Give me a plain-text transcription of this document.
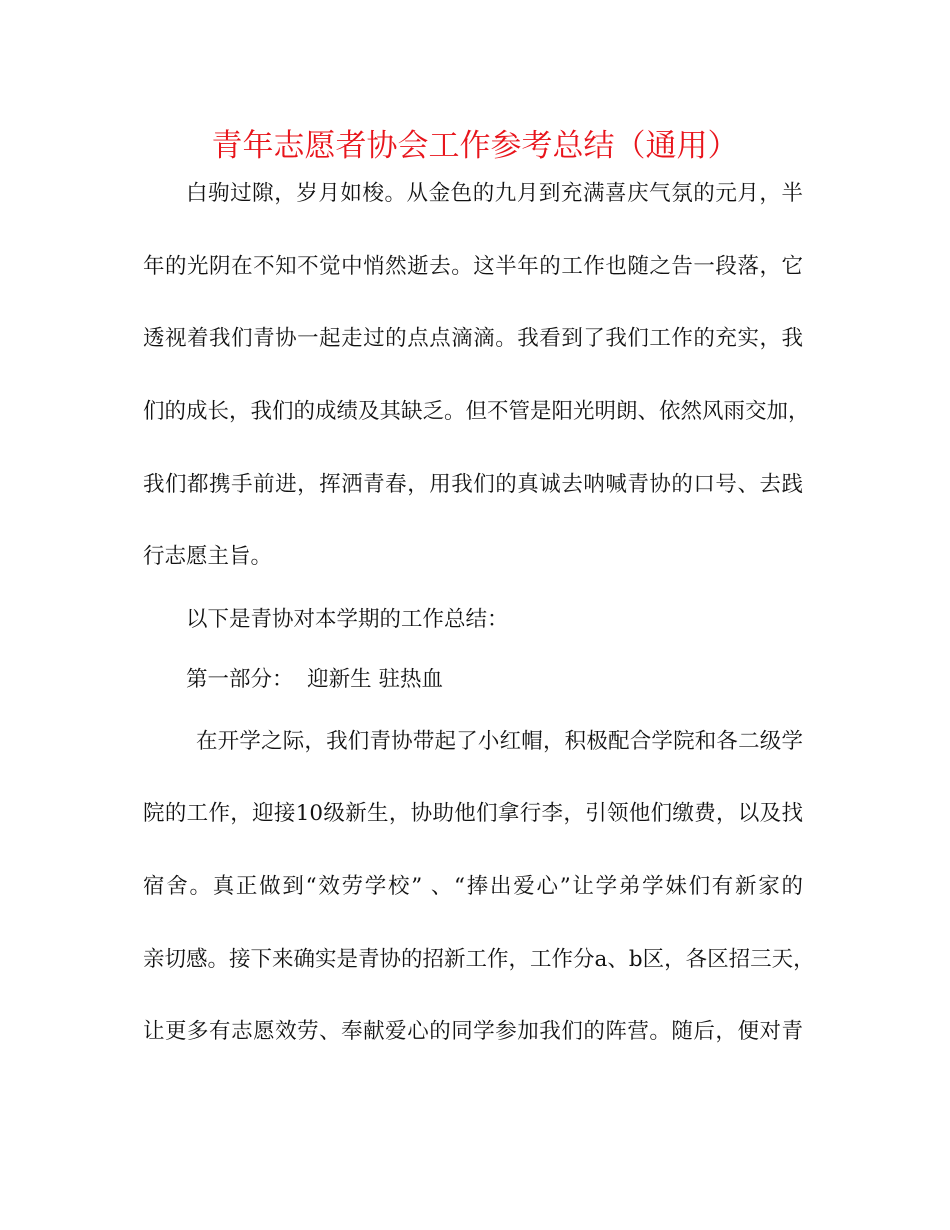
青年志愿者协会工作参考总结（通用）
白驹过隙，岁月如梭。从金色的九月到充满喜庆气氛的元月，半
年的光阴在不知不觉中悄然逝去。这半年的工作也随之告一段落，它
透视着我们青协一起走过的点点滴滴。我看到了我们工作的充实，我
们的成长，我们的成绩及其缺乏。但不管是阳光明朗、依然风雨交加，
我们都携手前进，挥洒青春，用我们的真诚去呐喊青协的口号、去践
行志愿主旨。
以下是青协对本学期的工作总结：
第一部分：  迎新生 驻热血
在开学之际，我们青协带起了小红帽，积极配合学院和各二级学
院的工作，迎接10级新生，协助他们拿行李，引领他们缴费，以及找
宿舍。真正做到“效劳学校” 、“捧出爱心”让学弟学妹们有新家的
亲切感。接下来确实是青协的招新工作，工作分a、b区，各区招三天，
让更多有志愿效劳、奉献爱心的同学参加我们的阵营。随后，便对青
